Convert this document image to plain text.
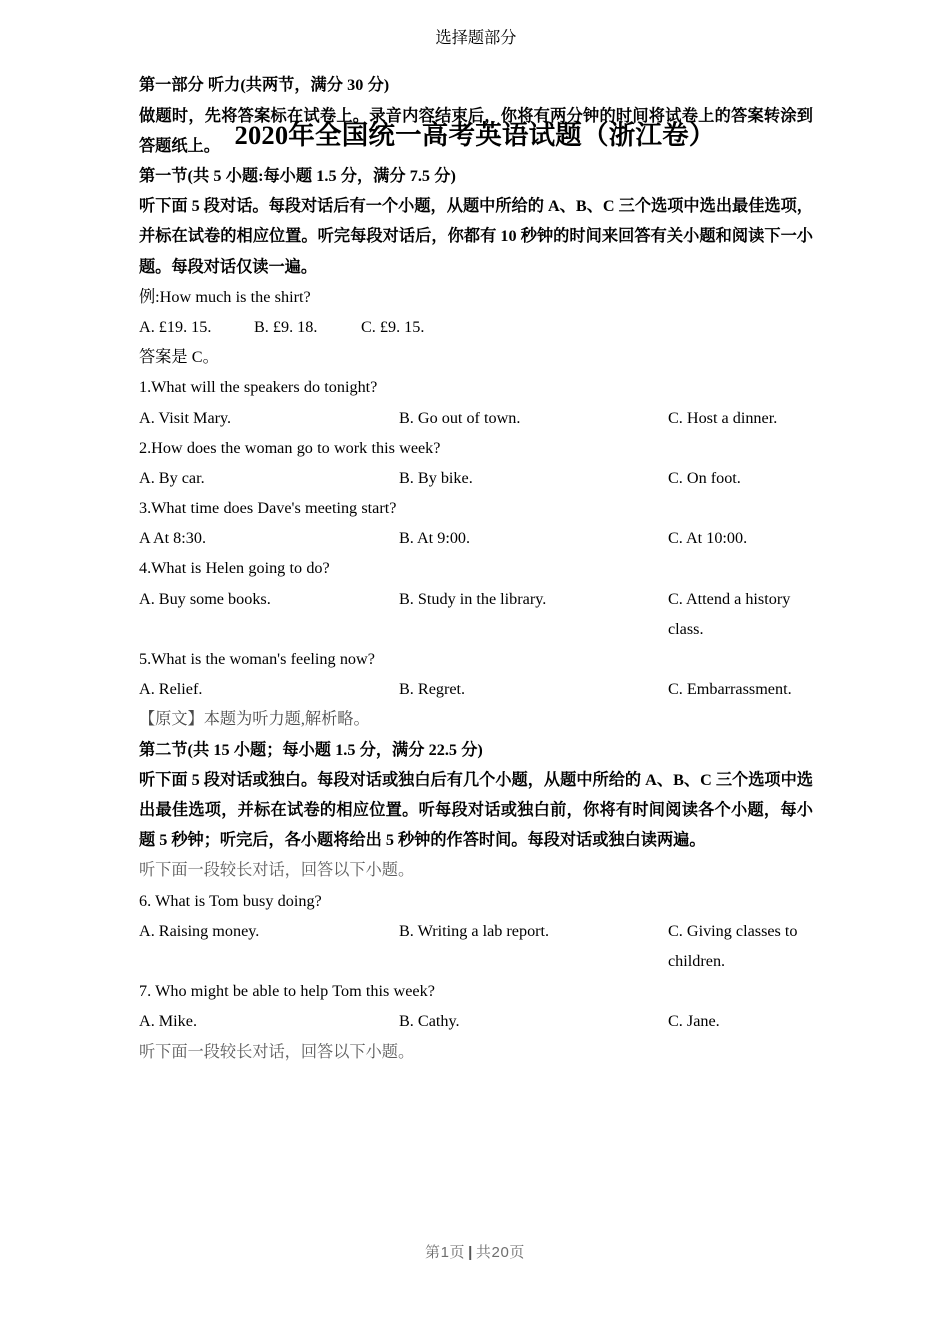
2020年全国统一高考英语试题（浙江卷）
选择题部分
第一部分 听力(共两节，满分 30 分)
做题时，先将答案标在试卷上。录音内容结束后，你将有两分钟的时间将试卷上的答案转涂到答题纸上。
第一节(共 5 小题:每小题 1.5 分，满分 7.5 分)
听下面 5 段对话。每段对话后有一个小题，从题中所给的 A、B、C 三个选项中选出最佳选项，并标在试卷的相应位置。听完每段对话后，你都有 10 秒钟的时间来回答有关小题和阅读下一小题。每段对话仅读一遍。
例:How much is the shirt?
A. £19. 15.	B. £9. 18.	C. £9. 15.
答案是 C。
1.What will the speakers do tonight?
A. Visit Mary.	B. Go out of town.	C. Host a dinner.
2.How does the woman go to work this week?
A. By car.	B. By bike.	C. On foot.
3.What time does Dave's meeting start?
A At 8:30.	B. At 9:00.	C. At 10:00.
4.What is Helen going to do?
A. Buy some books.	B. Study in the library.	C. Attend a history class.
5.What is the woman's feeling now?
A. Relief.	B. Regret.	C. Embarrassment.
【原文】本题为听力题,解析略。
第二节(共 15 小题；每小题 1.5 分，满分 22.5 分)
听下面 5 段对话或独白。每段对话或独白后有几个小题，从题中所给的 A、B、C 三个选项中选出最佳选项，并标在试卷的相应位置。听每段对话或独白前，你将有时间阅读各个小题，每小题 5 秒钟；听完后，各小题将给出 5 秒钟的作答时间。每段对话或独白读两遍。
听下面一段较长对话，回答以下小题。
6. What is Tom busy doing?
A. Raising money.	B. Writing a lab report.	C. Giving classes to children.
7. Who might be able to help Tom this week?
A. Mike.	B. Cathy.	C. Jane.
听下面一段较长对话，回答以下小题。
第1页 | 共20页
